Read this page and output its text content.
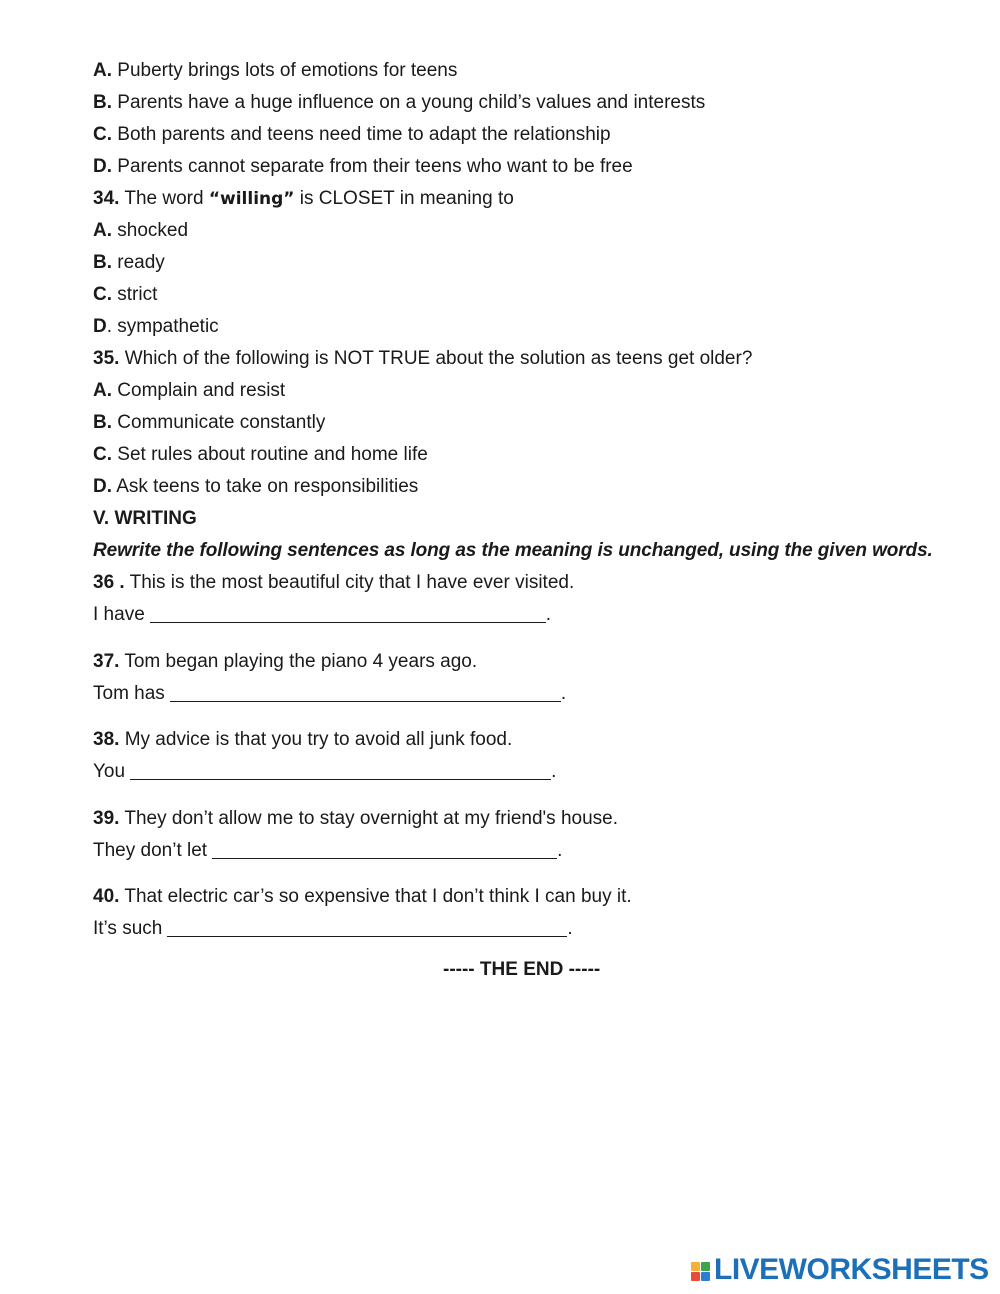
A. Puberty brings lots of emotions for teens
B. Parents have a huge influence on a young child’s values and interests
C. Both parents and teens need time to adapt the relationship
D. Parents cannot separate from their teens who want to be free
34. The word “willing” is CLOSET in meaning to
A. shocked
B. ready
C. strict
D. sympathetic
35. Which of the following is NOT TRUE about the solution as teens get older?
A. Complain and resist
B. Communicate constantly
C. Set rules about routine and home life
D. Ask teens to take on responsibilities
V. WRITING
Rewrite the following sentences as long as the meaning is unchanged, using the given words.
36 . This is the most beautiful city that I have ever visited.
I have	.
37. Tom began playing the piano 4 years ago.
Tom has	.
38. My advice is that you try to avoid all junk food.
You	.
39. They don’t allow me to stay overnight at my friend's house.
They don’t let	.
40. That electric car’s so expensive that I don’t think I can buy it.
It’s such	.
----- THE END -----
LIVEWORKSHEETS
